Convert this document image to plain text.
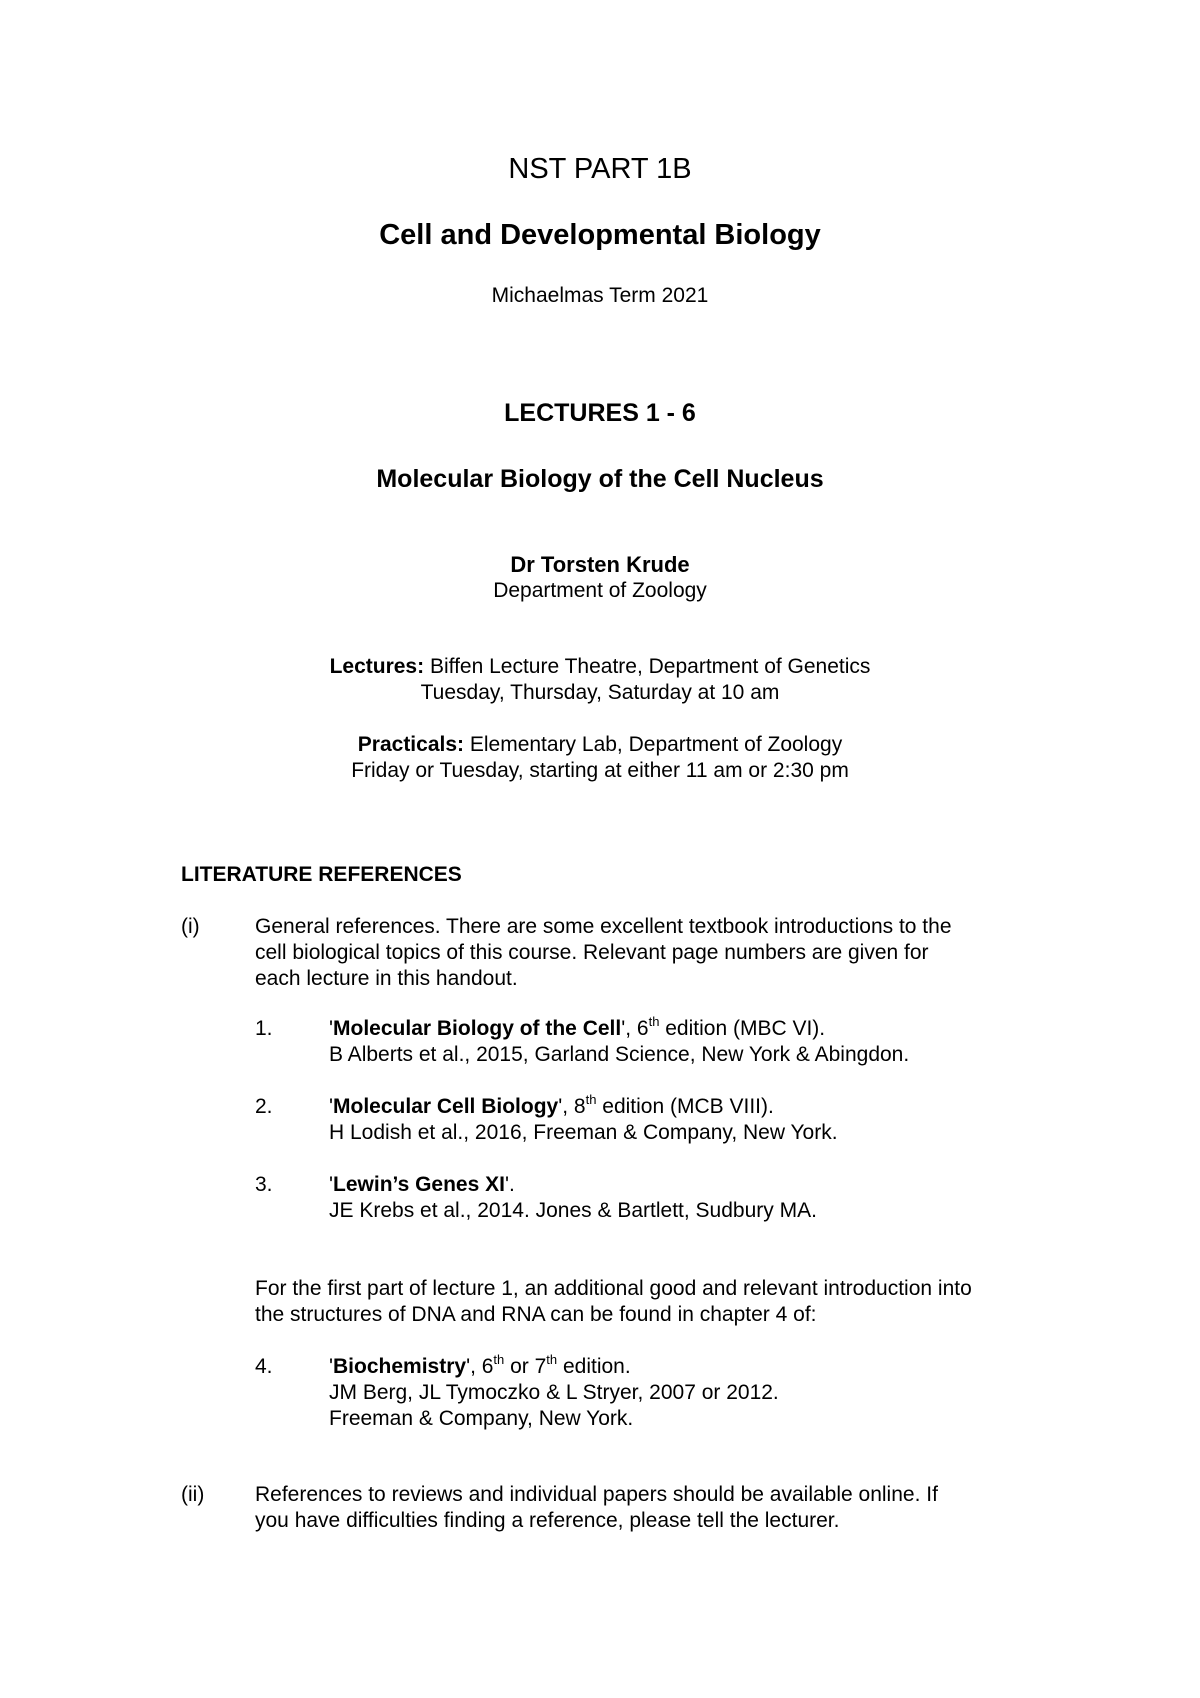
NST PART 1B
Cell and Developmental Biology
Michaelmas Term 2021
LECTURES 1 - 6
Molecular Biology of the Cell Nucleus
Dr Torsten Krude
Department of Zoology
Lectures: Biffen Lecture Theatre, Department of Genetics
Tuesday, Thursday, Saturday at 10 am
Practicals: Elementary Lab, Department of Zoology
Friday or Tuesday, starting at either 11 am or 2:30 pm
LITERATURE REFERENCES
(i)	General references. There are some excellent textbook introductions to the
cell biological topics of this course. Relevant page numbers are given for
each lecture in this handout.
1.	'Molecular Biology of the Cell', 6th edition (MBC VI).
B Alberts et al., 2015, Garland Science, New York & Abingdon.
2.	'Molecular Cell Biology', 8th edition (MCB VIII).
H Lodish et al., 2016, Freeman & Company, New York.
3.	'Lewin’s Genes XI'.
JE Krebs et al., 2014. Jones & Bartlett, Sudbury MA.
For the first part of lecture 1, an additional good and relevant introduction into
the structures of DNA and RNA can be found in chapter 4 of:
4.	'Biochemistry', 6th or 7th edition.
JM Berg, JL Tymoczko & L Stryer, 2007 or 2012.
Freeman & Company, New York.
(ii) References to reviews and individual papers should be available online. If
you have difficulties finding a reference, please tell the lecturer.
